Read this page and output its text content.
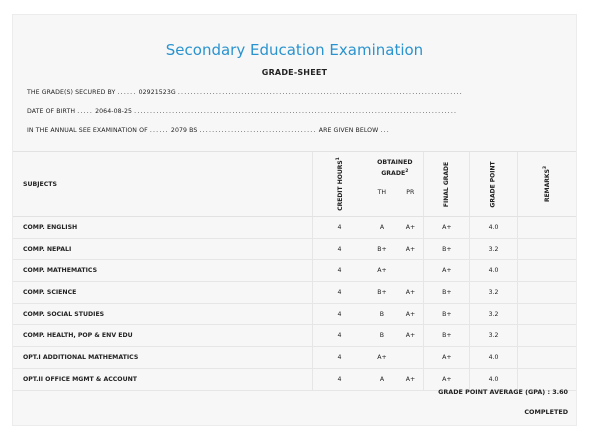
Secondary Education Examination
GRADE-SHEET
THE GRADE(S) SECURED BY ...... 02921523G ..........................................................................................
DATE OF BIRTH ..... 2064-08-25 ......................................................................................................
IN THE ANNUAL SEE EXAMINATION OF ...... 2079 BS ..................................... ARE GIVEN BELOW ...
SUBJECTS	CREDIT HOURS$^1$	OBTAINED GRADE$^2$
TH PR		FINAL GRADE	GRADE POINT	REMARKS$^3$
COMP. ENGLISH	4	A	A+	A+	4.0	
COMP. NEPALI	4	B+	A+	B+	3.2	
COMP. MATHEMATICS	4	A+		A+	4.0	
COMP. SCIENCE	4	B+	A+	B+	3.2	
COMP. SOCIAL STUDIES	4	B	A+	B+	3.2	
COMP. HEALTH, POP & ENV EDU	4	B	A+	B+	3.2	
OPT.I ADDITIONAL MATHEMATICS	4	A+		A+	4.0	
OPT.II OFFICE MGMT & ACCOUNT	4	A	A+	A+	4.0	
GRADE POINT AVERAGE (GPA) : 3.60
COMPLETED
